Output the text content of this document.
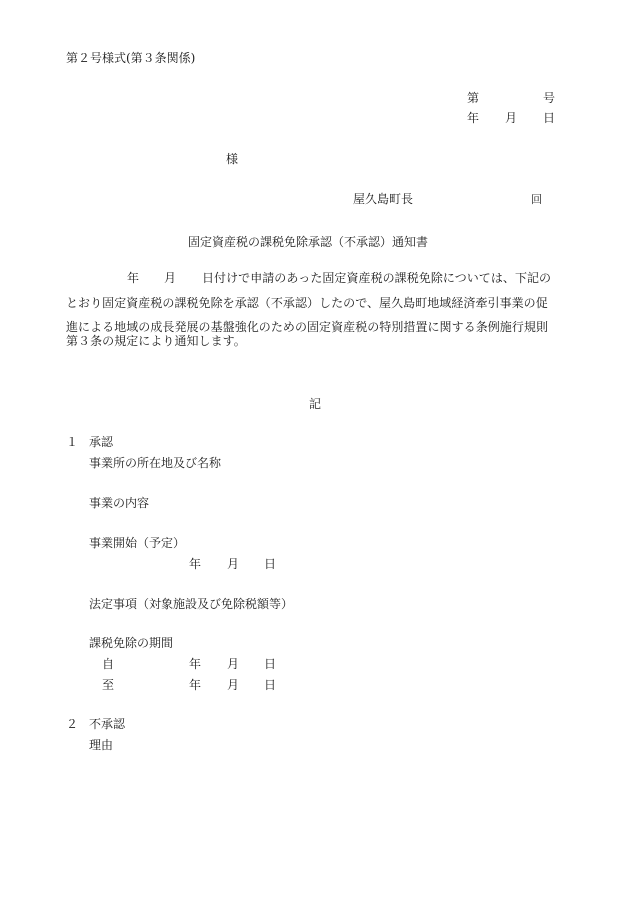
第２号様式(第３条関係)
第	号
年 月 日
様
屋久島町長	回
固定資産税の課税免除承認（不承認）通知書
年 月 日付けで申請のあった固定資産税の課税免除については、下記の
とおり固定資産税の課税免除を承認（不承認）したので、屋久島町地域経済牽引事業の促
進による地域の成長発展の基盤強化のための固定資産税の特別措置に関する条例施行規則
第３条の規定により通知します。
記
１ 承認
事業所の所在地及び名称
事業の内容
事業開始（予定）
年 月 日
法定事項（対象施設及び免除税額等）
課税免除の期間
自	年 月 日
至	年 月 日
２ 不承認
理由
